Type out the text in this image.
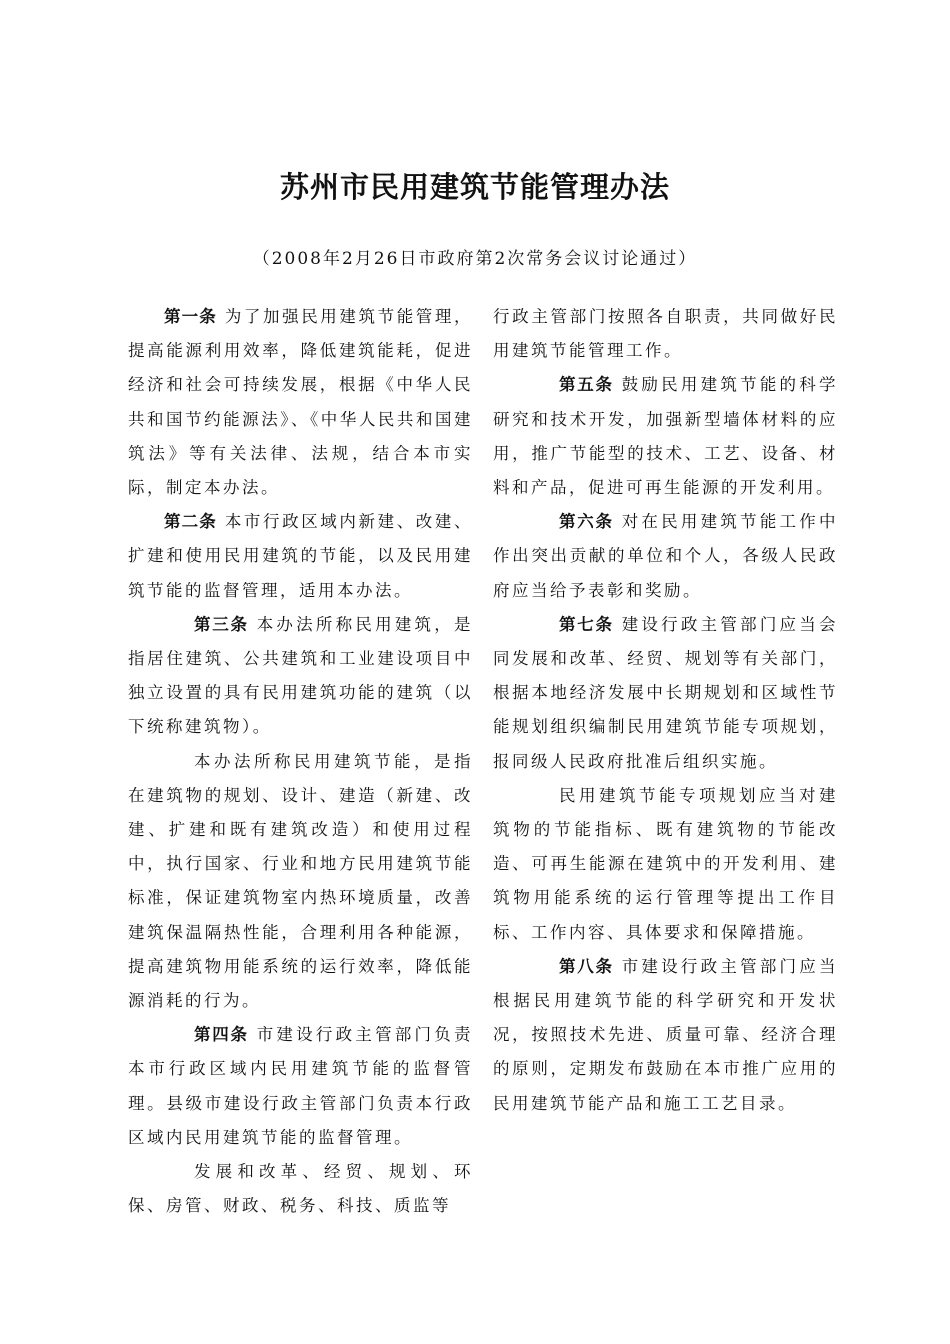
苏州市民用建筑节能管理办法
（2008年2月26日市政府第2次常务会议讨论通过）

第一条 为了加强民用建筑节能管理，提高能源利用效率，降低建筑能耗，促进经济和社会可持续发展，根据《中华人民共和国节约能源法》、《中华人民共和国建筑法》等有关法律、法规，结合本市实际，制定本办法。

第二条 本市行政区域内新建、改建、扩建和使用民用建筑的节能，以及民用建筑节能的监督管理，适用本办法。

第三条 本办法所称民用建筑，是指居住建筑、公共建筑和工业建设项目中独立设置的具有民用建筑功能的建筑（以下统称建筑物）。

本办法所称民用建筑节能，是指在建筑物的规划、设计、建造（新建、改建、扩建和既有建筑改造）和使用过程中，执行国家、行业和地方民用建筑节能标准，保证建筑物室内热环境质量，改善建筑保温隔热性能，合理利用各种能源，提高建筑物用能系统的运行效率，降低能源消耗的行为。

第四条 市建设行政主管部门负责本市行政区域内民用建筑节能的监督管理。县级市建设行政主管部门负责本行政区域内民用建筑节能的监督管理。

发展和改革、经贸、规划、环保、房管、财政、税务、科技、质监等

行政主管部门按照各自职责，共同做好民用建筑节能管理工作。

第五条 鼓励民用建筑节能的科学研究和技术开发，加强新型墙体材料的应用，推广节能型的技术、工艺、设备、材料和产品，促进可再生能源的开发利用。

第六条 对在民用建筑节能工作中作出突出贡献的单位和个人，各级人民政府应当给予表彰和奖励。

第七条 建设行政主管部门应当会同发展和改革、经贸、规划等有关部门，根据本地经济发展中长期规划和区域性节能规划组织编制民用建筑节能专项规划，报同级人民政府批准后组织实施。

民用建筑节能专项规划应当对建筑物的节能指标、既有建筑物的节能改造、可再生能源在建筑中的开发利用、建筑物用能系统的运行管理等提出工作目标、工作内容、具体要求和保障措施。

第八条 市建设行政主管部门应当根据民用建筑节能的科学研究和开发状况，按照技术先进、质量可靠、经济合理的原则，定期发布鼓励在本市推广应用的民用建筑节能产品和施工工艺目录。
